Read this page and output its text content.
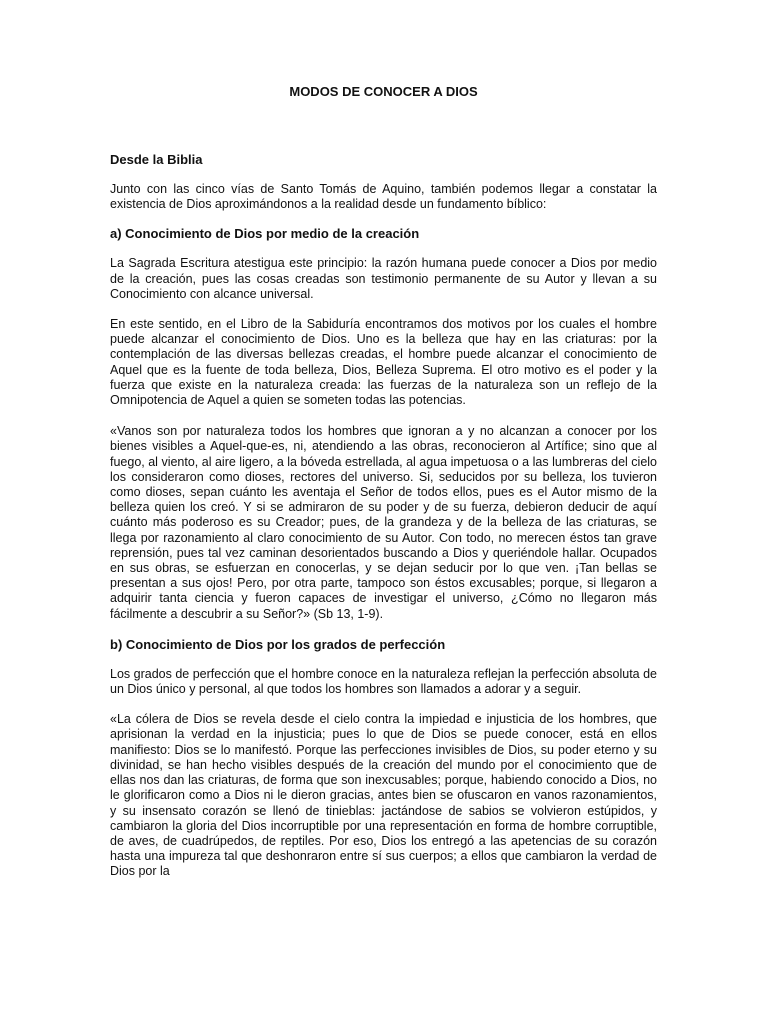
MODOS DE CONOCER A DIOS
Desde la Biblia

Junto con las cinco vías de Santo Tomás de Aquino, también podemos llegar a constatar la existencia de Dios aproximándonos a la realidad desde un fundamento bíblico:

a) Conocimiento de Dios por medio de la creación

La Sagrada Escritura atestigua este principio: la razón humana puede conocer a Dios por medio de la creación, pues las cosas creadas son testimonio permanente de su Autor y llevan a su Conocimiento con alcance universal.

En este sentido, en el Libro de la Sabiduría encontramos dos motivos por los cuales el hombre puede alcanzar el conocimiento de Dios. Uno es la belleza que hay en las criaturas: por la contemplación de las diversas bellezas creadas, el hombre puede alcanzar el conocimiento de Aquel que es la fuente de toda belleza, Dios, Belleza Suprema. El otro motivo es el poder y la fuerza que existe en la naturaleza creada: las fuerzas de la naturaleza son un reflejo de la Omnipotencia de Aquel a quien se someten todas las potencias.

«Vanos son por naturaleza todos los hombres que ignoran a y no alcanzan a conocer por los bienes visibles a Aquel-que-es, ni, atendiendo a las obras, reconocieron al Artífice; sino que al fuego, al viento, al aire ligero, a la bóveda estrellada, al agua impetuosa o a las lumbreras del cielo los consideraron como dioses, rectores del universo. Si, seducidos por su belleza, los tuvieron como dioses, sepan cuánto les aventaja el Señor de todos ellos, pues es el Autor mismo de la belleza quien los creó. Y si se admiraron de su poder y de su fuerza, debieron deducir de aquí cuánto más poderoso es su Creador; pues, de la grandeza y de la belleza de las criaturas, se llega por razonamiento al claro conocimiento de su Autor. Con todo, no merecen éstos tan grave reprensión, pues tal vez caminan desorientados buscando a Dios y queriéndole hallar. Ocupados en sus obras, se esfuerzan en conocerlas, y se dejan seducir por lo que ven. ¡Tan bellas se presentan a sus ojos! Pero, por otra parte, tampoco son éstos excusables; porque, si llegaron a adquirir tanta ciencia y fueron capaces de investigar el universo, ¿Cómo no llegaron más fácilmente a descubrir a su Señor?» (Sb 13, 1-9).

b) Conocimiento de Dios por los grados de perfección

Los grados de perfección que el hombre conoce en la naturaleza reflejan la perfección absoluta de un Dios único y personal, al que todos los hombres son llamados a adorar y a seguir.

«La cólera de Dios se revela desde el cielo contra la impiedad e injusticia de los hombres, que aprisionan la verdad en la injusticia; pues lo que de Dios se puede conocer, está en ellos manifiesto: Dios se lo manifestó. Porque las perfecciones invisibles de Dios, su poder eterno y su divinidad, se han hecho visibles después de la creación del mundo por el conocimiento que de ellas nos dan las criaturas, de forma que son inexcusables; porque, habiendo conocido a Dios, no le glorificaron como a Dios ni le dieron gracias, antes bien se ofuscaron en vanos razonamientos, y su insensato corazón se llenó de tinieblas: jactándose de sabios se volvieron estúpidos, y cambiaron la gloria del Dios incorruptible por una representación en forma de hombre corruptible, de aves, de cuadrúpedos, de reptiles. Por eso, Dios los entregó a las apetencias de su corazón hasta una impureza tal que deshonraron entre sí sus cuerpos; a ellos que cambiaron la verdad de Dios por la
